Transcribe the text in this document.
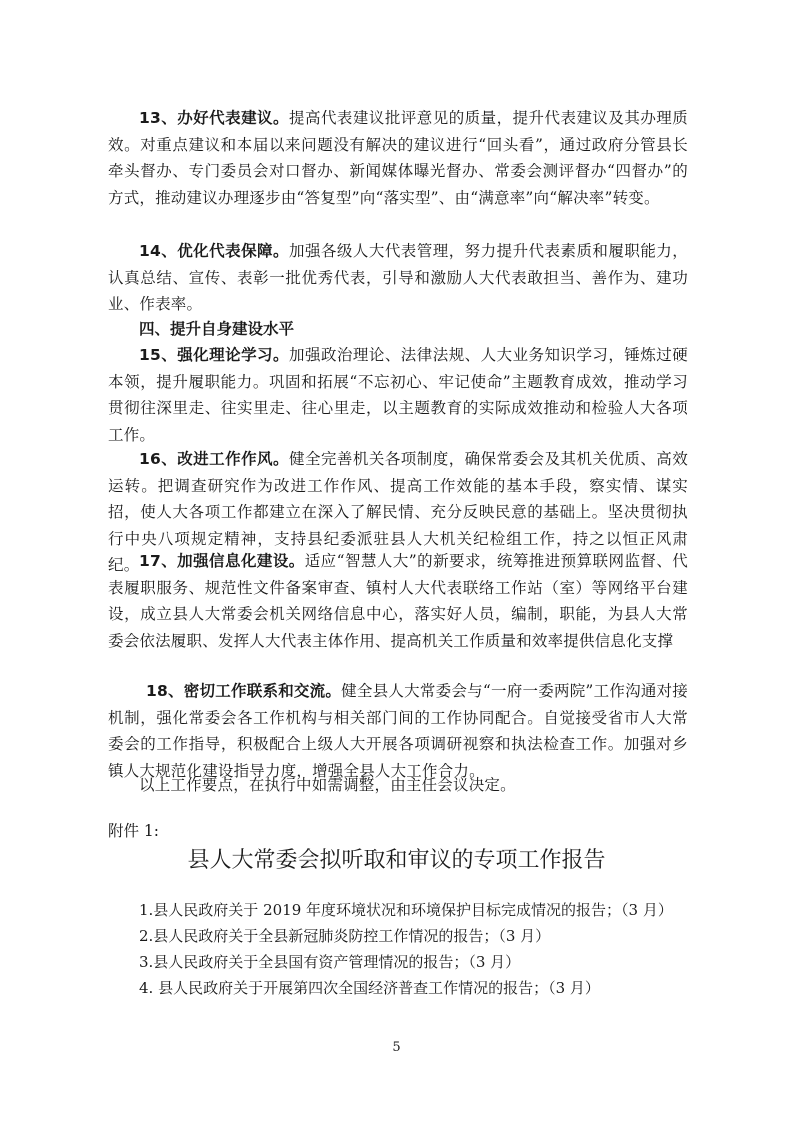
13、办好代表建议。提高代表建议批评意见的质量，提升代表建议及其办理质效。对重点建议和本届以来问题没有解决的建议进行“回头看”，通过政府分管县长牵头督办、专门委员会对口督办、新闻媒体曝光督办、常委会测评督办“四督办”的方式，推动建议办理逐步由“答复型”向“落实型”、由“满意率”向“解决率”转变。

14、优化代表保障。加强各级人大代表管理，努力提升代表素质和履职能力，认真总结、宣传、表彰一批优秀代表，引导和激励人大代表敢担当、善作为、建功业、作表率。

四、提升自身建设水平

15、强化理论学习。加强政治理论、法律法规、人大业务知识学习，锤炼过硬本领，提升履职能力。巩固和拓展“不忘初心、牢记使命”主题教育成效，推动学习贯彻往深里走、往实里走、往心里走，以主题教育的实际成效推动和检验人大各项工作。

16、改进工作作风。健全完善机关各项制度，确保常委会及其机关优质、高效运转。把调查研究作为改进工作作风、提高工作效能的基本手段，察实情、谋实招，使人大各项工作都建立在深入了解民情、充分反映民意的基础上。坚决贯彻执行中央八项规定精神，支持县纪委派驻县人大机关纪检组工作，持之以恒正风肃纪。 17、加强信息化建设。适应“智慧人大”的新要求，统筹推进预算联网监督、代表履职服务、规范性文件备案审查、镇村人大代表联络工作站（室）等网络平台建设，成立县人大常委会机关网络信息中心，落实好人员，编制，职能，为县人大常委会依法履职、发挥人大代表主体作用、提高机关工作质量和效率提供信息化支撑

18、密切工作联系和交流。健全县人大常委会与“一府一委两院”工作沟通对接机制，强化常委会各工作机构与相关部门间的工作协同配合。自觉接受省市人大常委会的工作指导，积极配合上级人大开展各项调研视察和执法检查工作。加强对乡镇人大规范化建设指导力度，增强全县人大工作合力。

以上工作要点，在执行中如需调整，由主任会议决定。

附件 1:
县人大常委会拟听取和审议的专项工作报告
1.县人民政府关于 2019 年度环境状况和环境保护目标完成情况的报告；（3 月）
2.县人民政府关于全县新冠肺炎防控工作情况的报告；（3 月）
3.县人民政府关于全县国有资产管理情况的报告；（3 月）
4. 县人民政府关于开展第四次全国经济普查工作情况的报告；（3 月）
5
